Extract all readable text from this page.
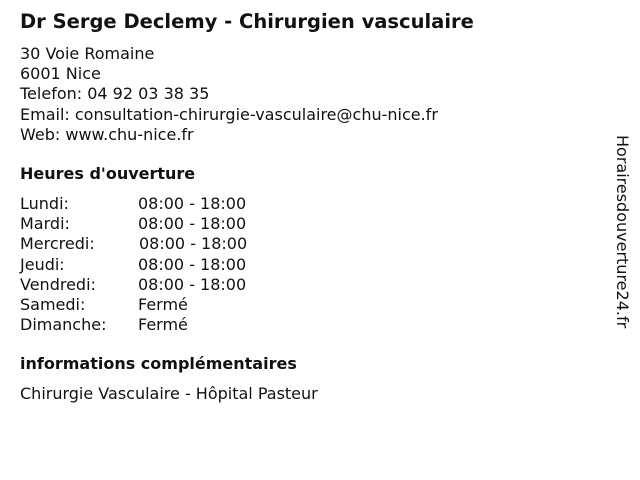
Dr Serge Declemy - Chirurgien vasculaire
30 Voie Romaine
6001 Nice
Telefon: 04 92 03 38 35
Email: consultation-chirurgie-vasculaire@chu-nice.fr
Web: www.chu-nice.fr
Heures d'ouverture
Lundi:	08:00 - 18:00
Mardi:	08:00 - 18:00
Mercredi:	08:00 - 18:00
Jeudi:	08:00 - 18:00
Vendredi:	08:00 - 18:00
Samedi:	Fermé
Dimanche: Fermé
informations complémentaires
Chirurgie Vasculaire - Hôpital Pasteur
Horairesdouverture24.fr
